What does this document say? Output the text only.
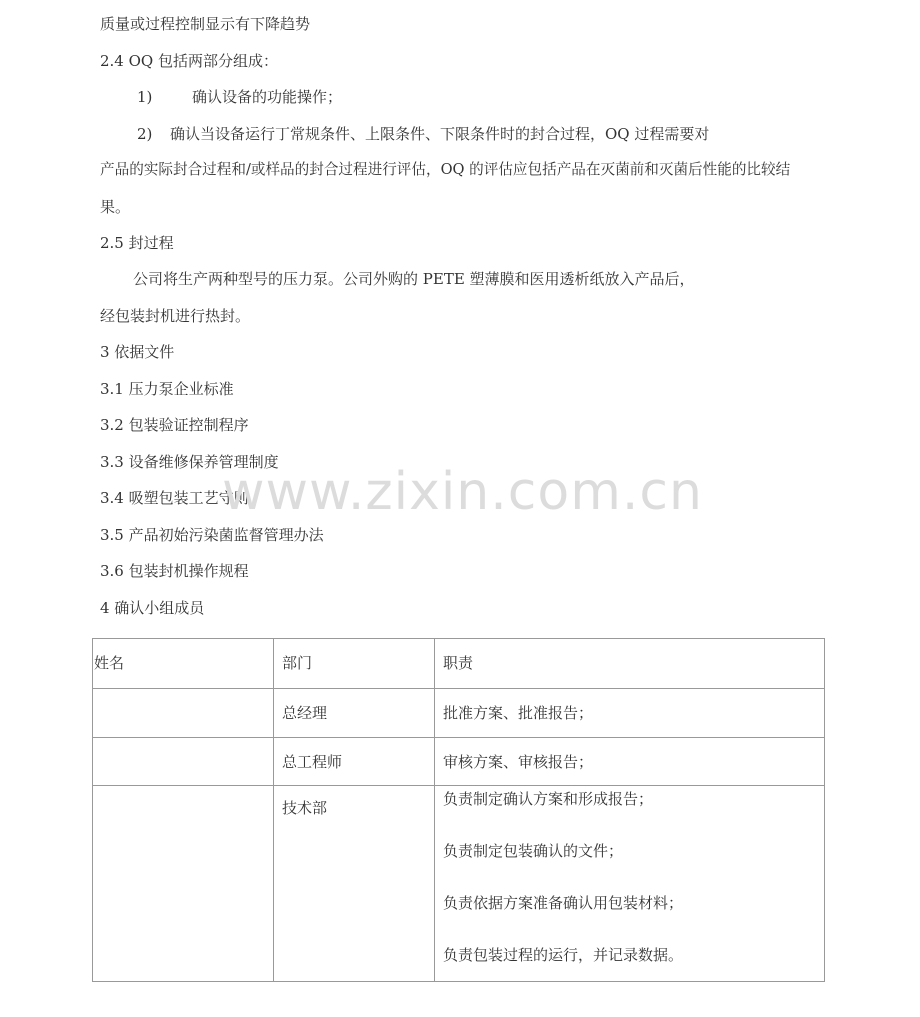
质量或过程控制显示有下降趋势
2.4 OQ 包括两部分组成：
1)	确认设备的功能操作；
2) 确认当设备运行丁常规条件、上限条件、下限条件时的封合过程，OQ 过程需要对
产品的实际封合过程和/或样品的封合过程进行评估，OQ 的评估应包括产品在灭菌前和灭菌后性能的比较结
果。
2.5 封过程
公司将生产两种型号的压力泵。公司外购的 PETE 塑薄膜和医用透析纸放入产品后，
经包装封机进行热封。
3 依据文件
3.1 压力泵企业标准
3.2 包装验证控制程序
3.3 设备维修保养管理制度
3.4 吸塑包装工艺守则
3.5 产品初始污染菌监督管理办法
3.6 包装封机操作规程
4 确认小组成员
www.zixin.com.cn
姓名	部门	职责

	总经理	批准方案、批准报告；

	总工程师	审核方案、审核报告；

	技术部	负责制定确认方案和形成报告；
负责制定包装确认的文件；
负责依据方案准备确认用包装材料；
负责包装过程的运行，并记录数据。
